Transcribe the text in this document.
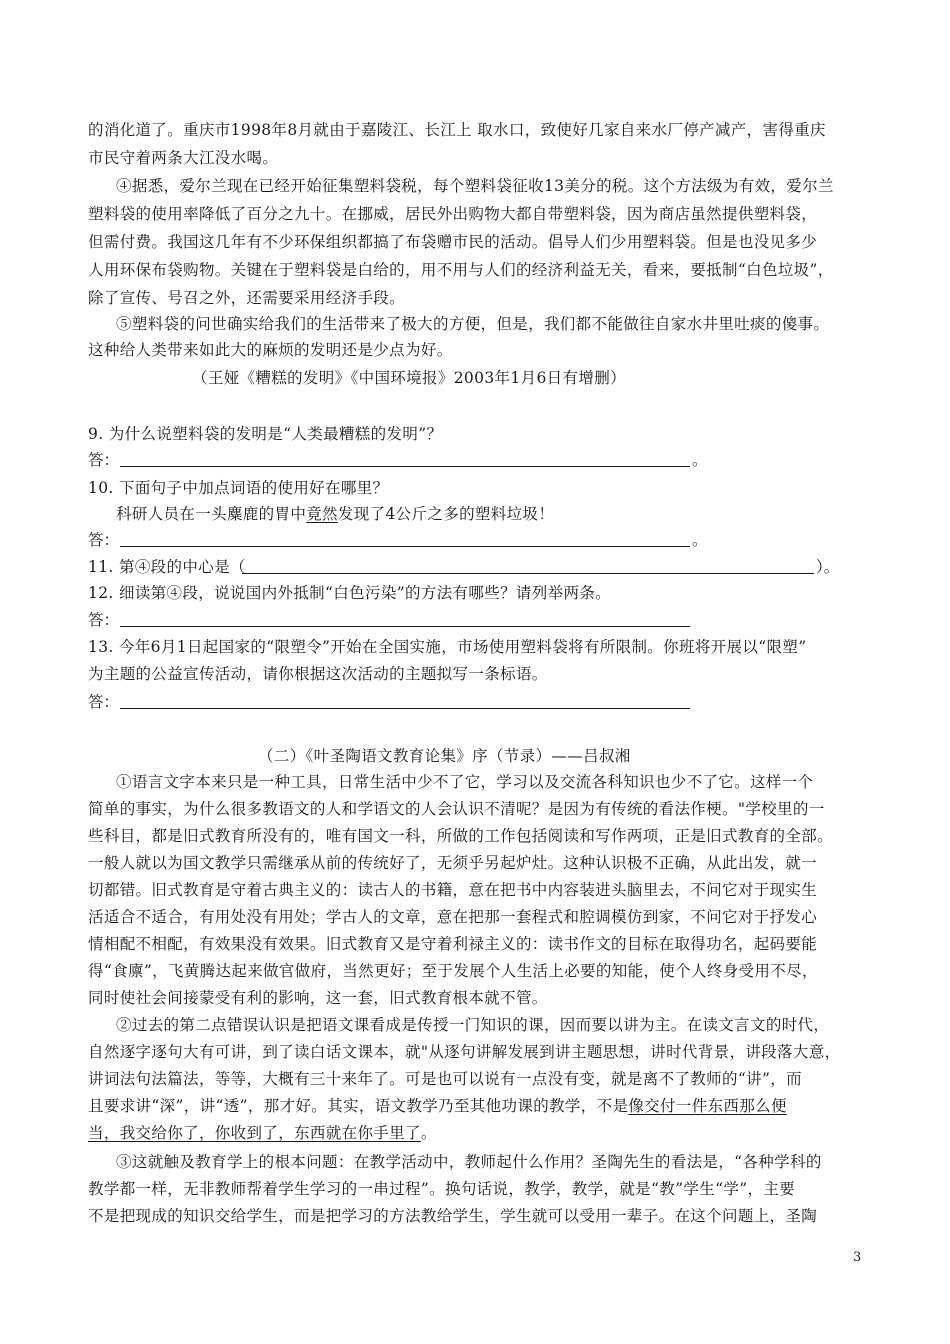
的消化道了。重庆市1998年8月就由于嘉陵江、长江上 取水口，致使好几家自来水厂停产减产，害得重庆
市民守着两条大江没水喝。
④据悉，爱尔兰现在已经开始征集塑料袋税，每个塑料袋征收13美分的税。这个方法级为有效，爱尔兰
塑料袋的使用率降低了百分之九十。在挪威，居民外出购物大都自带塑料袋，因为商店虽然提供塑料袋，
但需付费。我国这几年有不少环保组织都搞了布袋赠市民的活动。倡导人们少用塑料袋。但是也没见多少
人用环保布袋购物。关键在于塑料袋是白给的，用不用与人们的经济利益无关，看来，要抵制“白色垃圾”，
除了宣传、号召之外，还需要采用经济手段。
⑤塑料袋的问世确实给我们的生活带来了极大的方便，但是，我们都不能做往自家水井里吐痰的傻事。
这种给人类带来如此大的麻烦的发明还是少点为好。
（王娅《糟糕的发明》《中国环境报》2003年1月6日有增删）
9. 为什么说塑料袋的发明是“人类最糟糕的发明”？
答：	。
10. 下面句子中加点词语的使用好在哪里？
科研人员在一头麋鹿的胃中竟然发现了4公斤之多的塑料垃圾！
答：	。
11. 第④段的中心是（	）。
12. 细读第④段，说说国内外抵制“白色污染”的方法有哪些？请列举两条。
答：
13. 今年6月1日起国家的“限塑令”开始在全国实施，市场使用塑料袋将有所限制。你班将开展以“限塑”
为主题的公益宣传活动，请你根据这次活动的主题拟写一条标语。
答：
（二）《叶圣陶语文教育论集》序（节录）——吕叔湘
①语言文字本来只是一种工具，日常生活中少不了它，学习以及交流各科知识也少不了它。这样一个
简单的事实，为什么很多教语文的人和学语文的人会认识不清呢？是因为有传统的看法作梗。"学校里的一
些科目，都是旧式教育所没有的，唯有国文一科，所做的工作包括阅读和写作两项，正是旧式教育的全部。
一般人就以为国文教学只需继承从前的传统好了，无须乎另起炉灶。这种认识极不正确，从此出发，就一
切都错。旧式教育是守着古典主义的：读古人的书籍，意在把书中内容装进头脑里去，不问它对于现实生
活适合不适合，有用处没有用处；学古人的文章，意在把那一套程式和腔调模仿到家，不问它对于抒发心
情相配不相配，有效果没有效果。旧式教育又是守着利禄主义的：读书作文的目标在取得功名，起码要能
得“食廪”，飞黄腾达起来做官做府，当然更好；至于发展个人生活上必要的知能，使个人终身受用不尽，
同时使社会间接蒙受有利的影响，这一套，旧式教育根本就不管。
②过去的第二点错误认识是把语文课看成是传授一门知识的课，因而要以讲为主。在读文言文的时代，
自然逐字逐句大有可讲，到了读白话文课本，就"从逐句讲解发展到讲主题思想，讲时代背景，讲段落大意，
讲词法句法篇法，等等，大概有三十来年了。可是也可以说有一点没有变，就是离不了教师的“讲”，而
且要求讲“深”，讲“透”，那才好。其实，语文教学乃至其他功课的教学，不是像交付一件东西那么便
当，我交给你了，你收到了，东西就在你手里了。
③这就触及教育学上的根本问题：在教学活动中，教师起什么作用？圣陶先生的看法是，“各种学科的
教学都一样，无非教师帮着学生学习的一串过程”。换句话说，教学，教学，就是“教”学生“学”，主要
不是把现成的知识交给学生，而是把学习的方法教给学生，学生就可以受用一辈子。在这个问题上，圣陶
3
